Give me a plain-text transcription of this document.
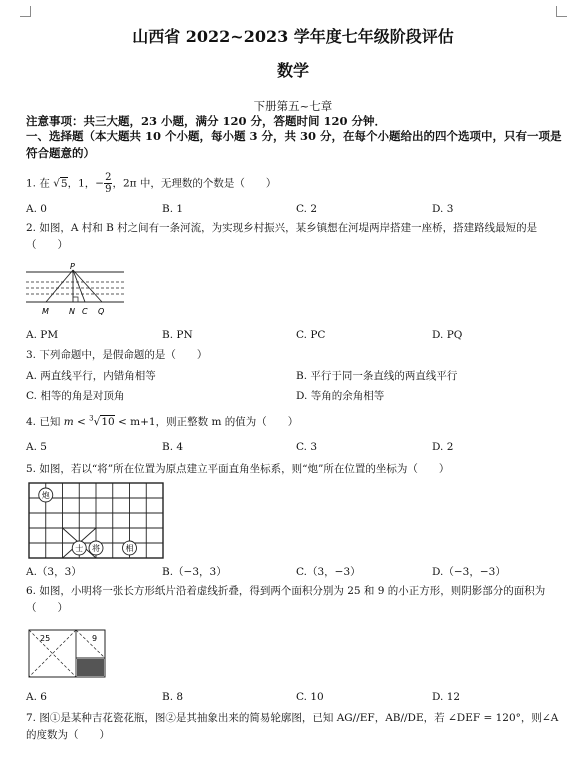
山西省 2022~2023 学年度七年级阶段评估
数学
下册第五~七章
注意事项：共三大题，23 小题，满分 120 分，答题时间 120 分钟．
一、选择题（本大题共 10 个小题，每小题 3 分，共 30 分，在每个小题给出的四个选项中，只有一项是符合题意的）
1. 在 √5，1，− $\frac{2}{9}$ ，2π 中，无理数的个数是（　　）
A. 0	B. 1	C. 2	D. 3
2. 如图，A 村和 B 村之间有一条河流，为实现乡村振兴，某乡镇想在河堤两岸搭建一座桥，搭建路线最短的是（　　）
P
M	N C Q
A. PM	B. PN	C. PC	D. PQ
3. 下列命题中，是假命题的是（　　）
A. 两直线平行，内错角相等	B. 平行于同一条直线的两直线平行
C. 相等的角是对顶角	D. 等角的余角相等
4. 已知 m < $^3$√10 < m+1，则正整数 m 的值为（　　）
A. 5	B. 4	C. 3	D. 2
5. 如图，若以“将”所在位置为原点建立平面直角坐标系，则“炮”所在位置的坐标为（　　）
炮
士 将	相
A.（3，3）	B.（−3，3）	C.（3，−3）	D.（−3，−3）
6. 如图，小明将一张长方形纸片沿着虚线折叠，得到两个面积分别为 25 和 9 的小正方形，则阴影部分的面积为（　　）
25	9
A. 6	B. 8	C. 10	D. 12
7. 图①是某种吉花瓷花瓶，图②是其抽象出来的简易轮廓图，已知 AG//EF，AB//DE，若 ∠DEF = 120°，则∠A 的度数为（　　）
